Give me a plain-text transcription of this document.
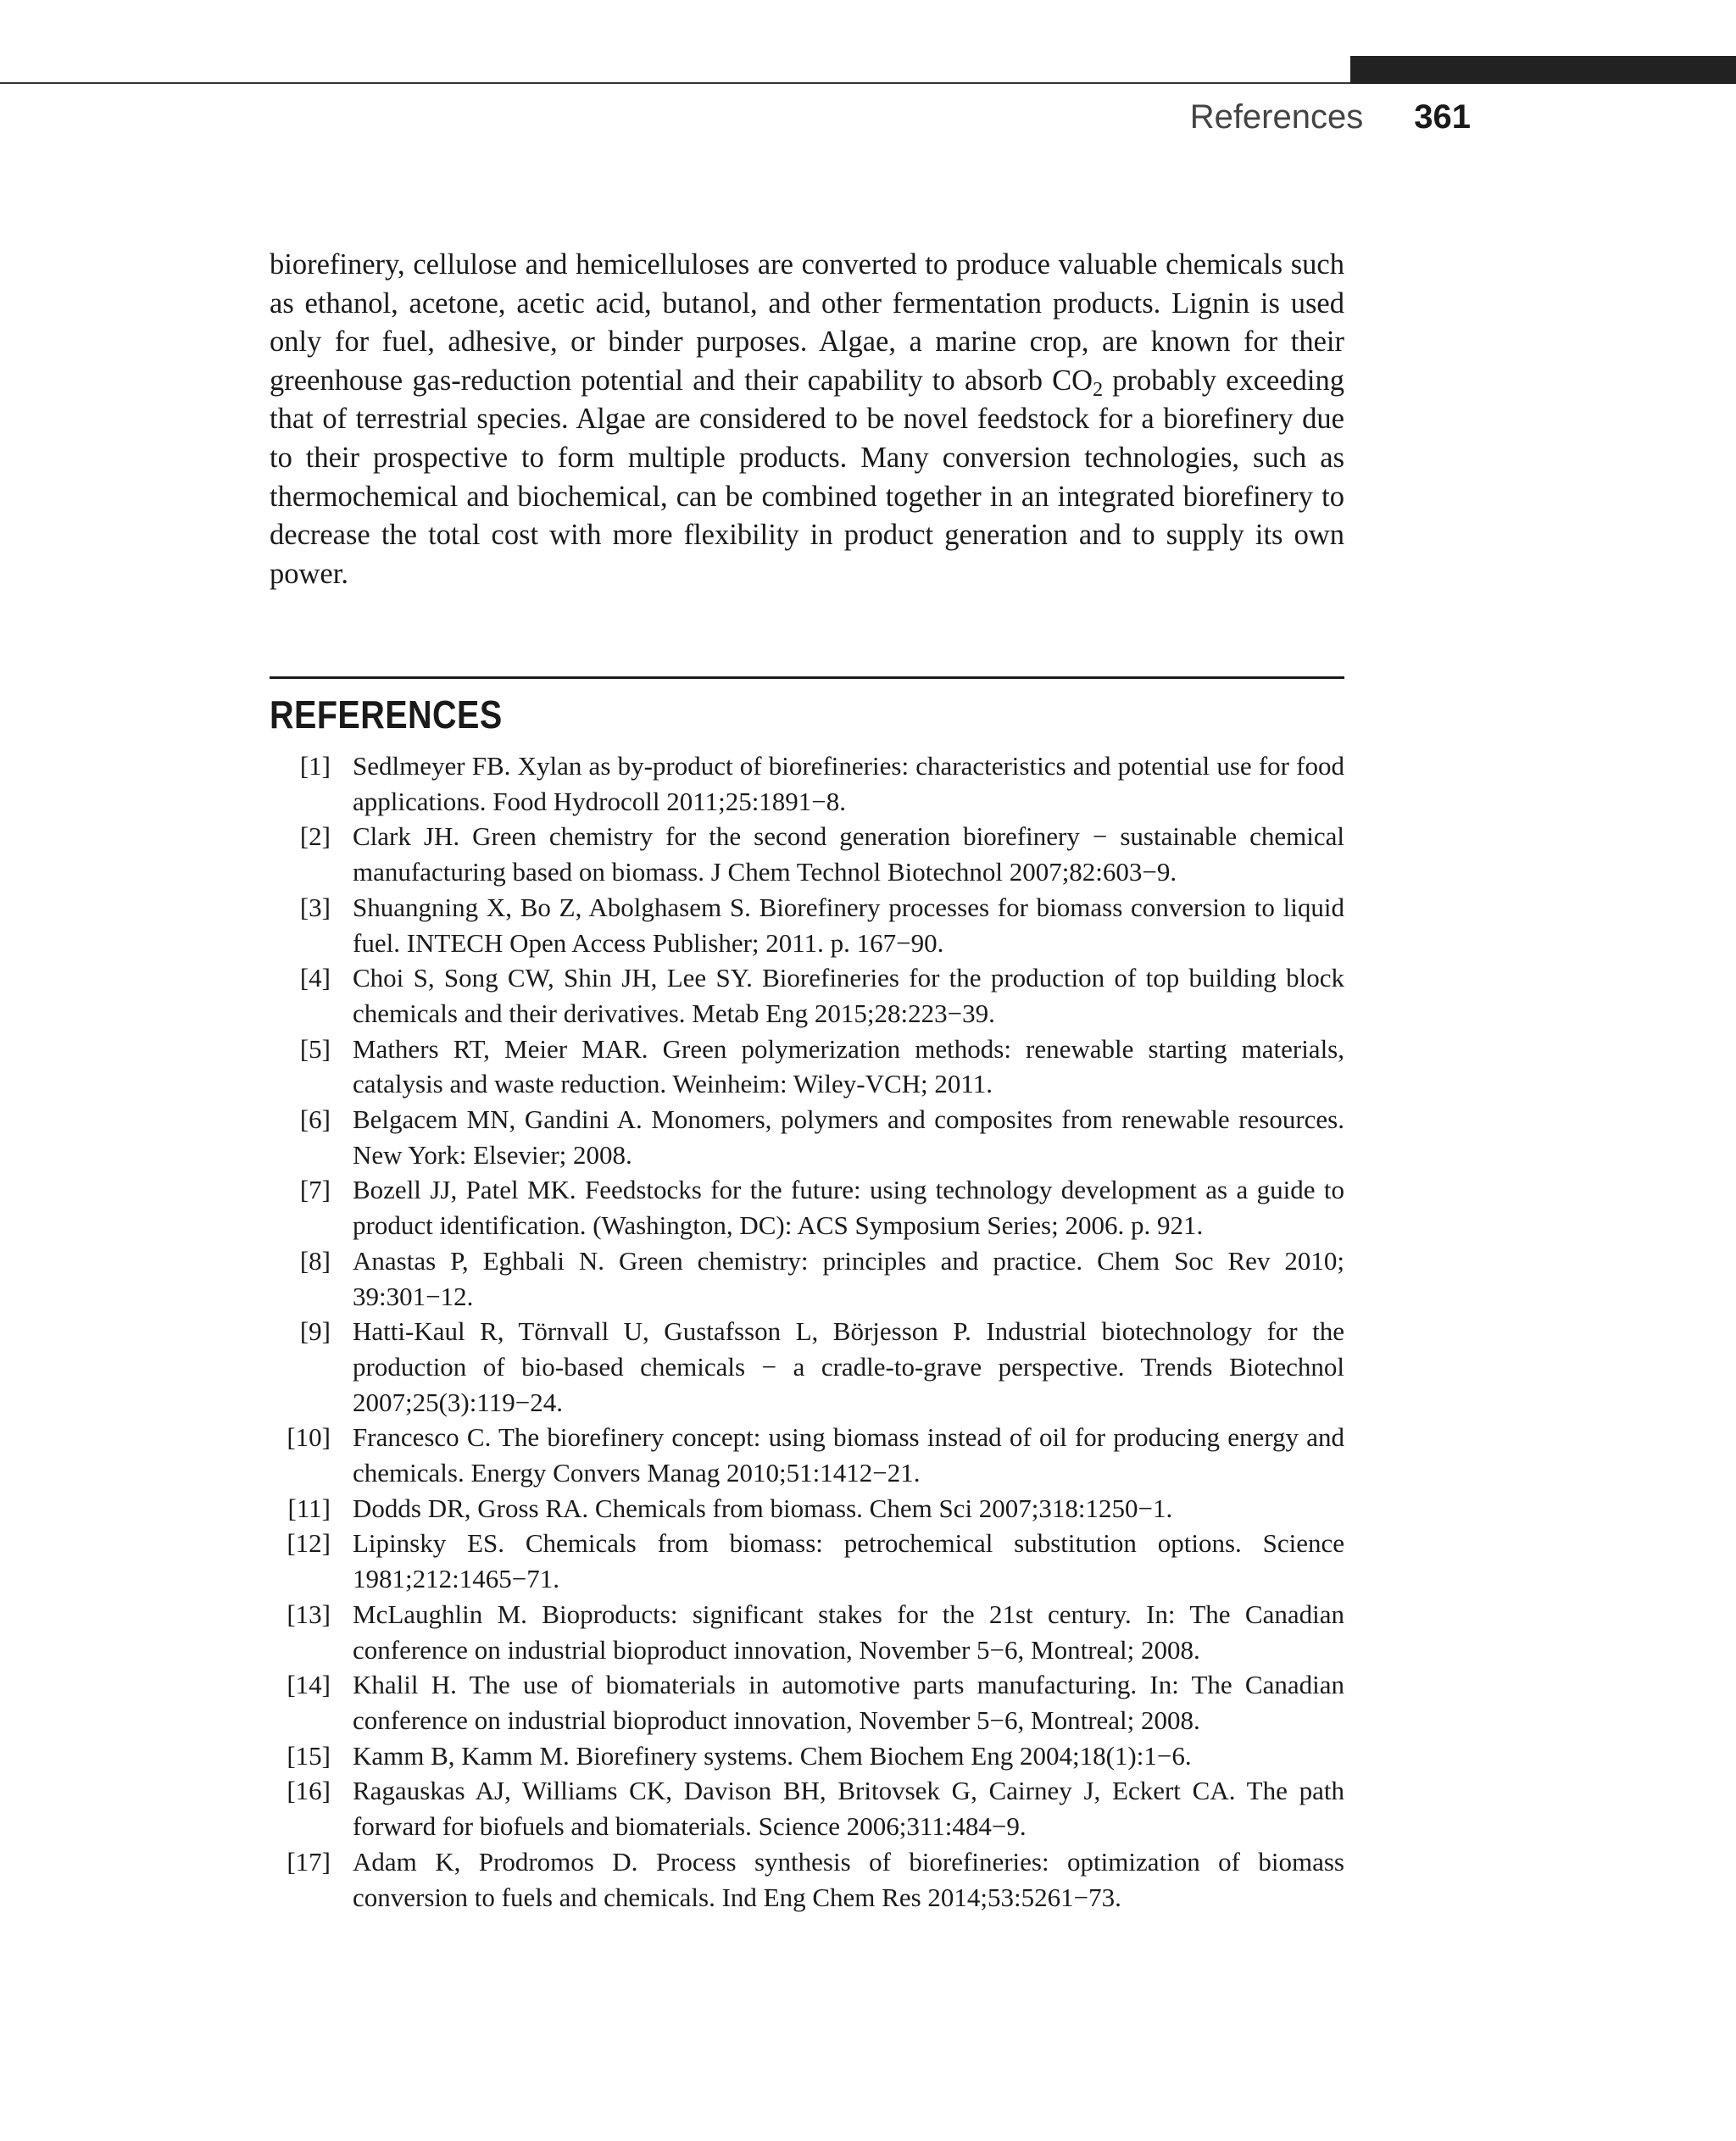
References 361

biorefinery, cellulose and hemicelluloses are converted to produce valuable chemicals such as ethanol, acetone, acetic acid, butanol, and other fermentation products. Lignin is used only for fuel, adhesive, or binder purposes. Algae, a marine crop, are known for their greenhouse gas-reduction potential and their capability to absorb $CO_2$ probably exceeding that of terrestrial species. Algae are considered to be novel feedstock for a biorefinery due to their prospective to form multiple products. Many conversion technologies, such as thermochemical and biochemical, can be combined together in an integrated biorefinery to decrease the total cost with more flexibility in product generation and to supply its own power.

REFERENCES
[1] Sedlmeyer FB. Xylan as by-product of biorefineries: characteristics and potential use for food applications. Food Hydrocoll 2011;25:1891−8.
[2] Clark JH. Green chemistry for the second generation biorefinery − sustainable chemical manufacturing based on biomass. J Chem Technol Biotechnol 2007;82:603−9.
[3] Shuangning X, Bo Z, Abolghasem S. Biorefinery processes for biomass conversion to liquid fuel. INTECH Open Access Publisher; 2011. p. 167−90.
[4] Choi S, Song CW, Shin JH, Lee SY. Biorefineries for the production of top building block chemicals and their derivatives. Metab Eng 2015;28:223−39.
[5] Mathers RT, Meier MAR. Green polymerization methods: renewable starting materials, catalysis and waste reduction. Weinheim: Wiley-VCH; 2011.
[6] Belgacem MN, Gandini A. Monomers, polymers and composites from renewable resources. New York: Elsevier; 2008.
[7] Bozell JJ, Patel MK. Feedstocks for the future: using technology development as a guide to product identification. (Washington, DC): ACS Symposium Series; 2006. p. 921.
[8] Anastas P, Eghbali N. Green chemistry: principles and practice. Chem Soc Rev 2010; 39:301−12.
[9] Hatti-Kaul R, Törnvall U, Gustafsson L, Börjesson P. Industrial biotechnology for the production of bio-based chemicals − a cradle-to-grave perspective. Trends Biotechnol 2007;25(3):119−24.
[10] Francesco C. The biorefinery concept: using biomass instead of oil for producing energy and chemicals. Energy Convers Manag 2010;51:1412−21.
[11] Dodds DR, Gross RA. Chemicals from biomass. Chem Sci 2007;318:1250−1.
[12] Lipinsky ES. Chemicals from biomass: petrochemical substitution options. Science 1981;212:1465−71.
[13] McLaughlin M. Bioproducts: significant stakes for the 21st century. In: The Canadian conference on industrial bioproduct innovation, November 5−6, Montreal; 2008.
[14] Khalil H. The use of biomaterials in automotive parts manufacturing. In: The Canadian conference on industrial bioproduct innovation, November 5−6, Montreal; 2008.
[15] Kamm B, Kamm M. Biorefinery systems. Chem Biochem Eng 2004;18(1):1−6.
[16] Ragauskas AJ, Williams CK, Davison BH, Britovsek G, Cairney J, Eckert CA. The path forward for biofuels and biomaterials. Science 2006;311:484−9.
[17] Adam K, Prodromos D. Process synthesis of biorefineries: optimization of biomass conversion to fuels and chemicals. Ind Eng Chem Res 2014;53:5261−73.
